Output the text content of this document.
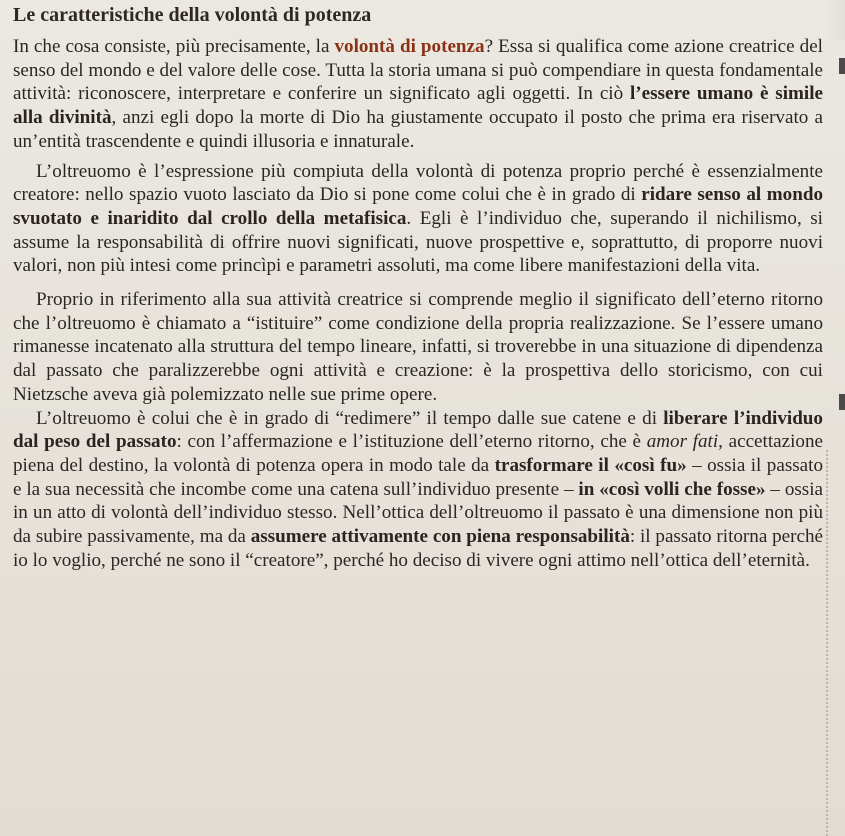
Le caratteristiche della volontà di potenza

In che cosa consiste, più precisamente, la volontà di potenza? Essa si qualifica come azione creatrice del senso del mondo e del valore delle cose. Tutta la storia umana si può compendiare in questa fondamentale attività: riconoscere, interpretare e conferire un significato agli oggetti. In ciò l’essere umano è simile alla divinità, anzi egli dopo la morte di Dio ha giustamente occupato il posto che prima era riservato a un’entità trascendente e quindi illusoria e innaturale.

L’oltreuomo è l’espressione più compiuta della volontà di potenza proprio perché è essenzialmente creatore: nello spazio vuoto lasciato da Dio si pone come colui che è in grado di ridare senso al mondo svuotato e inaridito dal crollo della metafisica. Egli è l’individuo che, superando il nichilismo, si assume la responsabilità di offrire nuovi significati, nuove prospettive e, soprattutto, di proporre nuovi valori, non più intesi come princìpi e parametri assoluti, ma come libere manifestazioni della vita.

Proprio in riferimento alla sua attività creatrice si comprende meglio il significato dell’eterno ritorno che l’oltreuomo è chiamato a “istituire” come condizione della propria realizzazione. Se l’essere umano rimanesse incatenato alla struttura del tempo lineare, infatti, si troverebbe in una situazione di dipendenza dal passato che paralizzerebbe ogni attività e creazione: è la prospettiva dello storicismo, con cui Nietzsche aveva già polemizzato nelle sue prime opere.

L’oltreuomo è colui che è in grado di “redimere” il tempo dalle sue catene e di liberare l’individuo dal peso del passato: con l’affermazione e l’istituzione dell’eterno ritorno, che è amor fati, accettazione piena del destino, la volontà di potenza opera in modo tale da trasformare il «così fu» – ossia il passato e la sua necessità che incombe come una catena sull’individuo presente – in «così volli che fosse» – ossia in un atto di volontà dell’individuo stesso. Nell’ottica dell’oltreuomo il passato è una dimensione non più da subire passivamente, ma da assumere attivamente con piena responsabilità: il passato ritorna perché io lo voglio, perché ne sono il “creatore”, perché ho deciso di vivere ogni attimo nell’ottica dell’eternità.
